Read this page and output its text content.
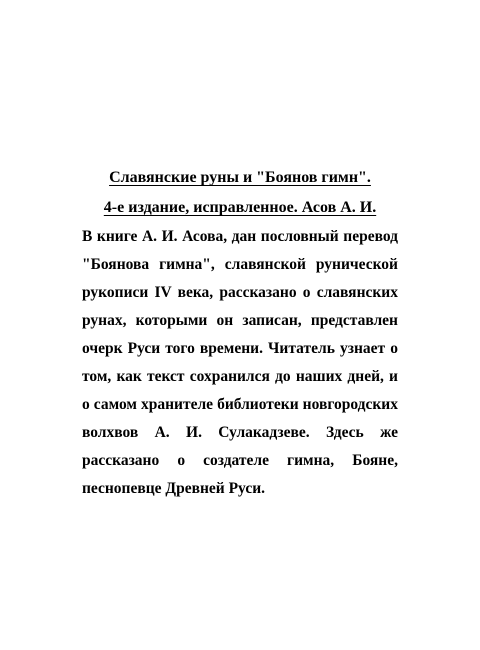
Славянские руны и "Боянов гимн".
4-е издание, исправленное. Асов А. И.

В книге А. И. Асова, дан пословный перевод "Боянова гимна", славянской рунической рукописи IV века, рассказано о славянских рунах, которыми он записан, представлен очерк Руси того времени. Читатель узнает о том, как текст сохранился до наших дней, и о самом хранителе библиотеки новгородских волхвов А. И. Сулакадзеве. Здесь же рассказано о создателе гимна, Бояне, песнопевце Древней Руси.
